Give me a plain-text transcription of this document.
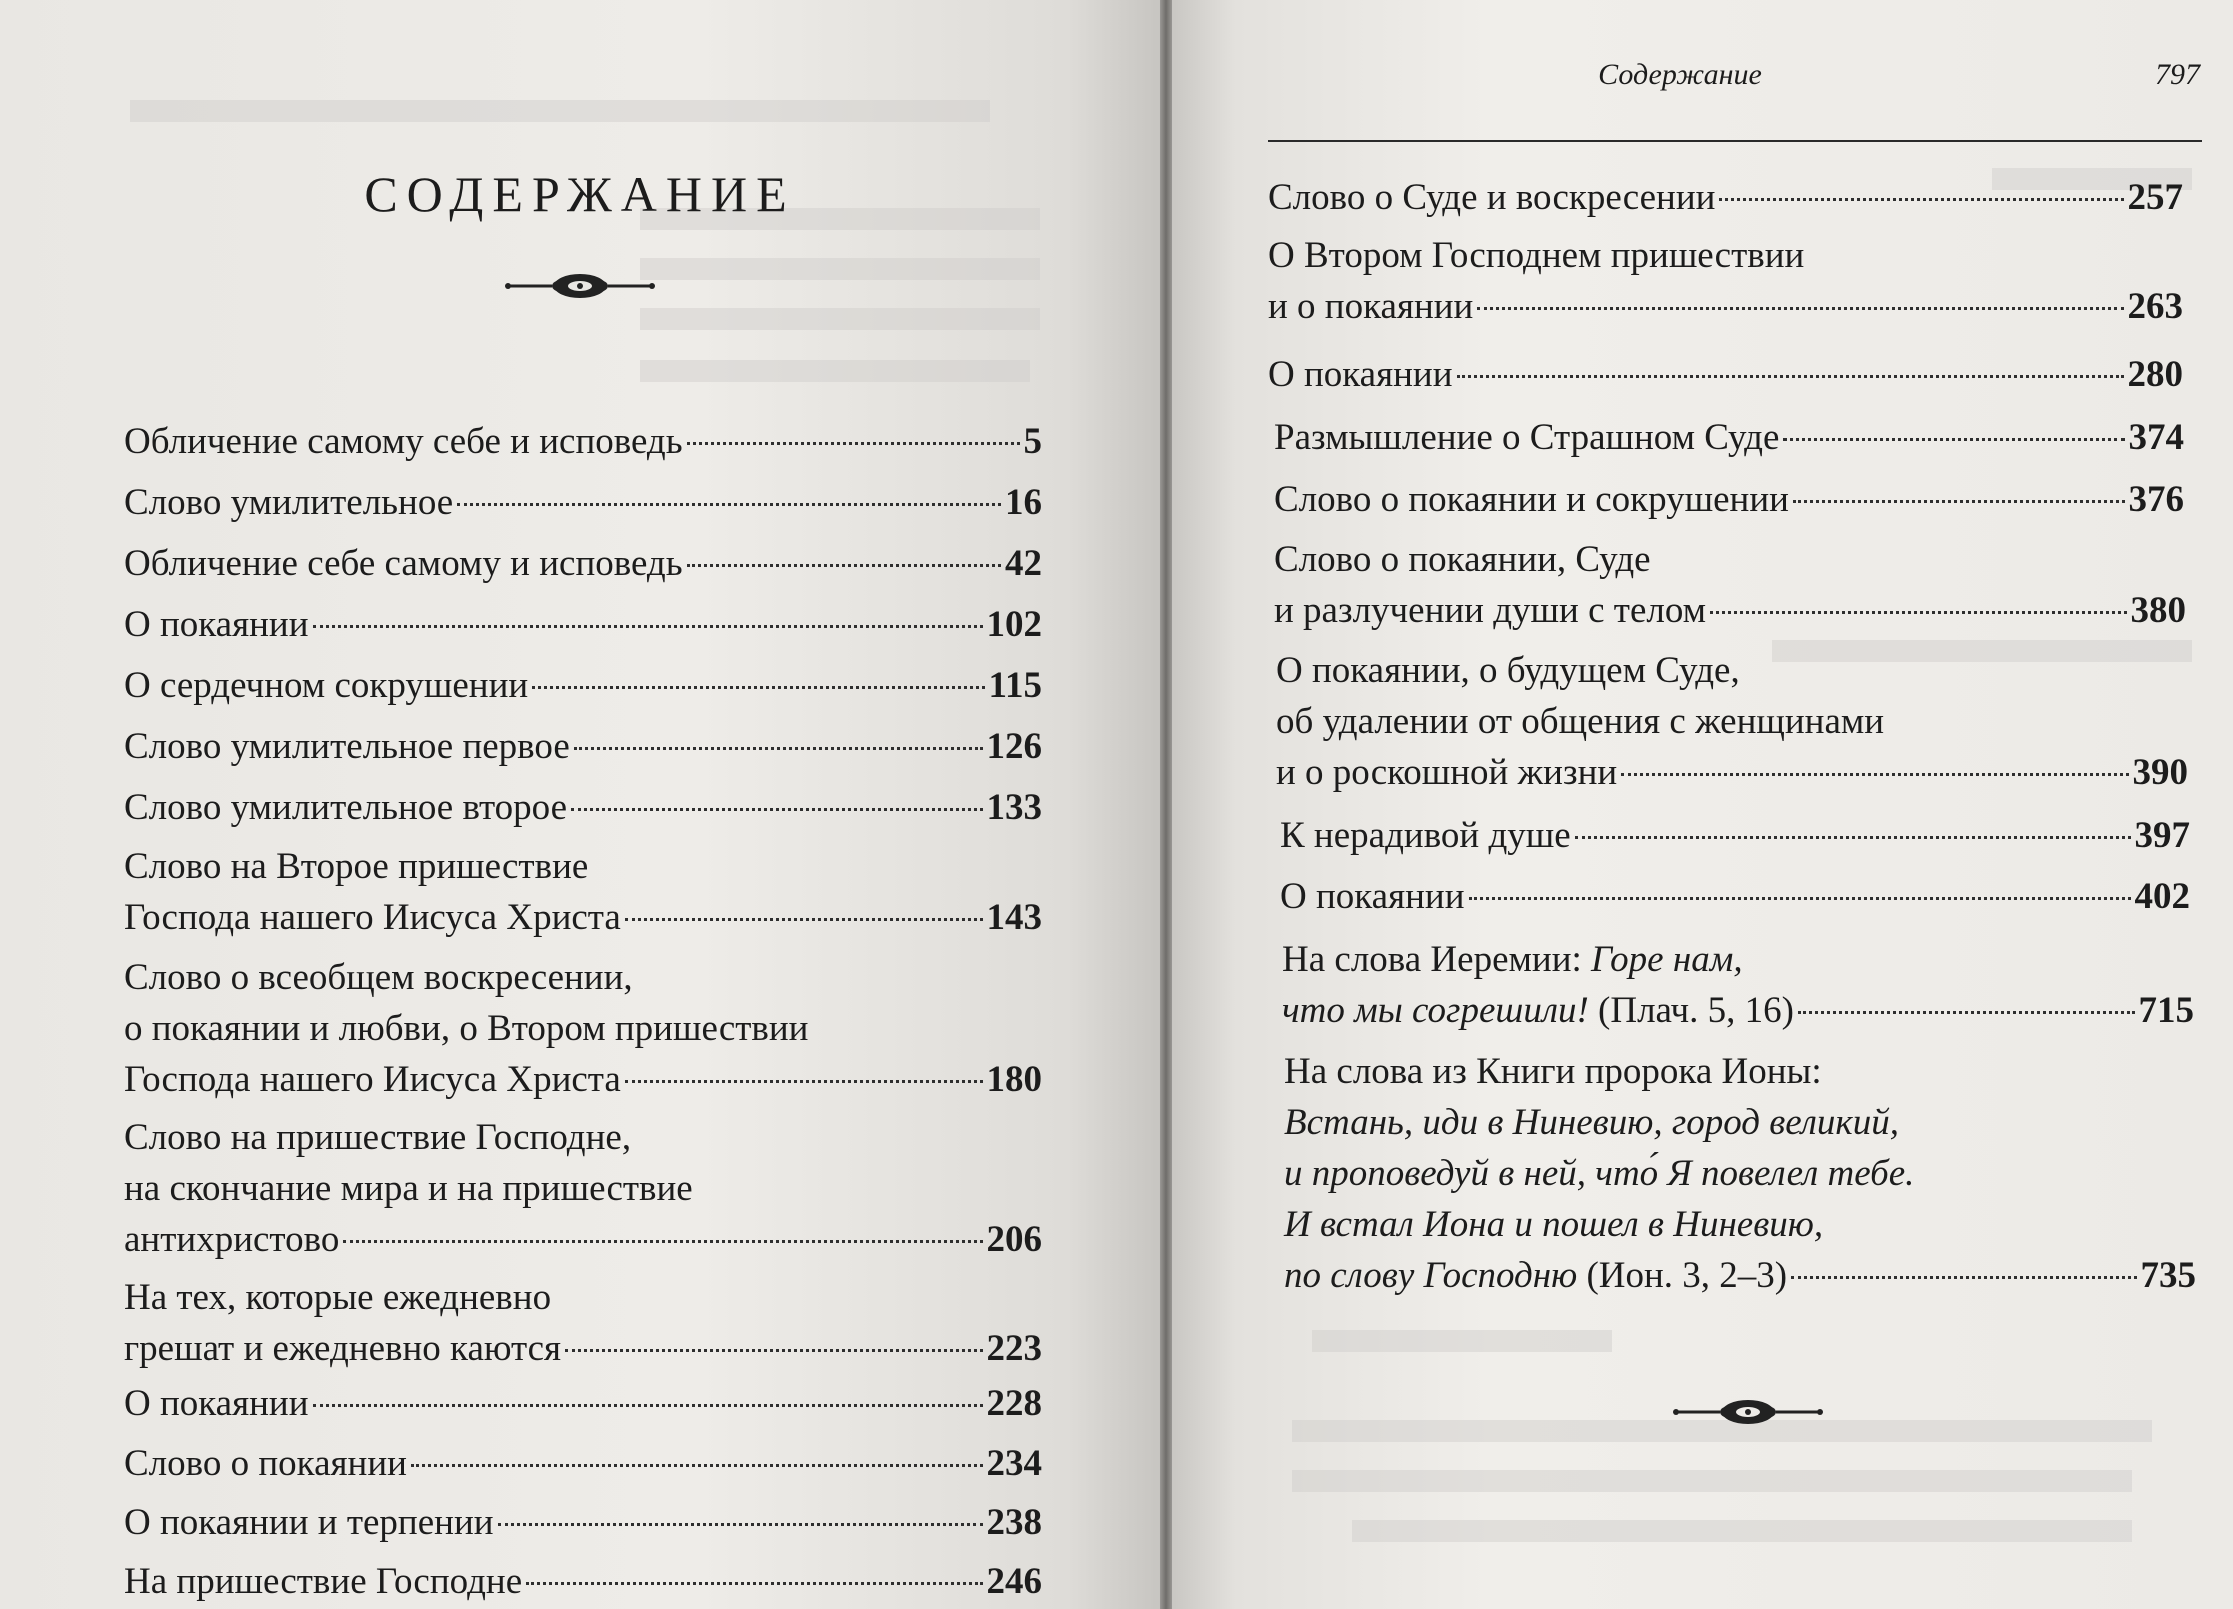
СОДЕРЖАНИЕ
Обличение самому себе и исповедь	5
Слово умилительное	16
Обличение себе самому и исповедь	42
О покаянии	102
О сердечном сокрушении	115
Слово умилительное первое	126
Слово умилительное второе	133
Слово на Второе пришествие
Господа нашего Иисуса Христа	143
Слово о всеобщем воскресении,
о покаянии и любви, о Втором пришествии
Господа нашего Иисуса Христа	180
Слово на пришествие Господне,
на скончание мира и на пришествие
антихристово	206
На тех, которые ежедневно
грешат и ежедневно каются	223
О покаянии	228
Слово о покаянии	234
О покаянии и терпении	238
На пришествие Господне	246
Содержание	797
Слово о Суде и воскресении	257
О Втором Господнем пришествии
и о покаянии	263
О покаянии	280
Размышление о Страшном Суде	374
Слово о покаянии и сокрушении	376
Слово о покаянии, Суде
и разлучении души с телом	380
О покаянии, о будущем Суде,
об удалении от общения с женщинами
и о роскошной жизни	390
К нерадивой душе	397
О покаянии	402
На слова Иеремии: Горе нам,
что мы согрешили! (Плач. 5, 16)	715
На слова из Книги пророка Ионы:
Встань, иди в Ниневию, город великий,
и проповедуй в ней, что́ Я повелел тебе.
И встал Иона и пошел в Ниневию,
по слову Господню (Ион. 3, 2–3)	735
